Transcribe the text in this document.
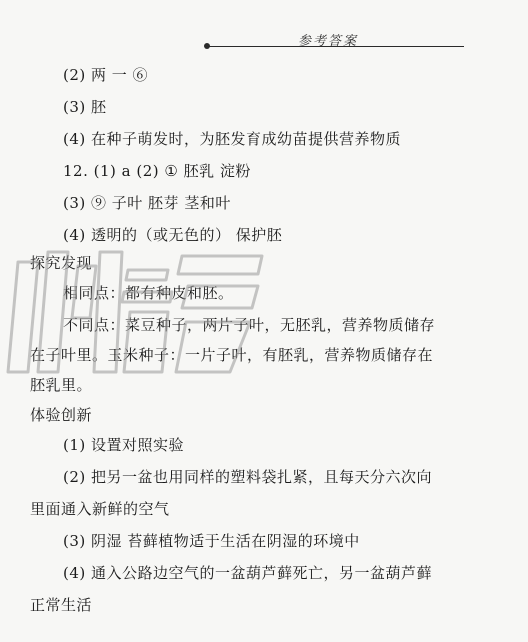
参考答案
(2) 两 一 ⑥
(3) 胚
(4) 在种子萌发时，为胚发育成幼苗提供营养物质
12. (1) a (2) ① 胚乳 淀粉
(3) ⑨ 子叶 胚芽 茎和叶
(4) 透明的（或无色的） 保护胚
探究发现
相同点：都有种皮和胚。
不同点：菜豆种子，两片子叶，无胚乳，营养物质储存
在子叶里。玉米种子：一片子叶，有胚乳，营养物质储存在
胚乳里。
体验创新
(1) 设置对照实验
(2) 把另一盆也用同样的塑料袋扎紧，且每天分六次向
里面通入新鲜的空气
(3) 阴湿 苔藓植物适于生活在阴湿的环境中
(4) 通入公路边空气的一盆葫芦藓死亡，另一盆葫芦藓
正常生活
